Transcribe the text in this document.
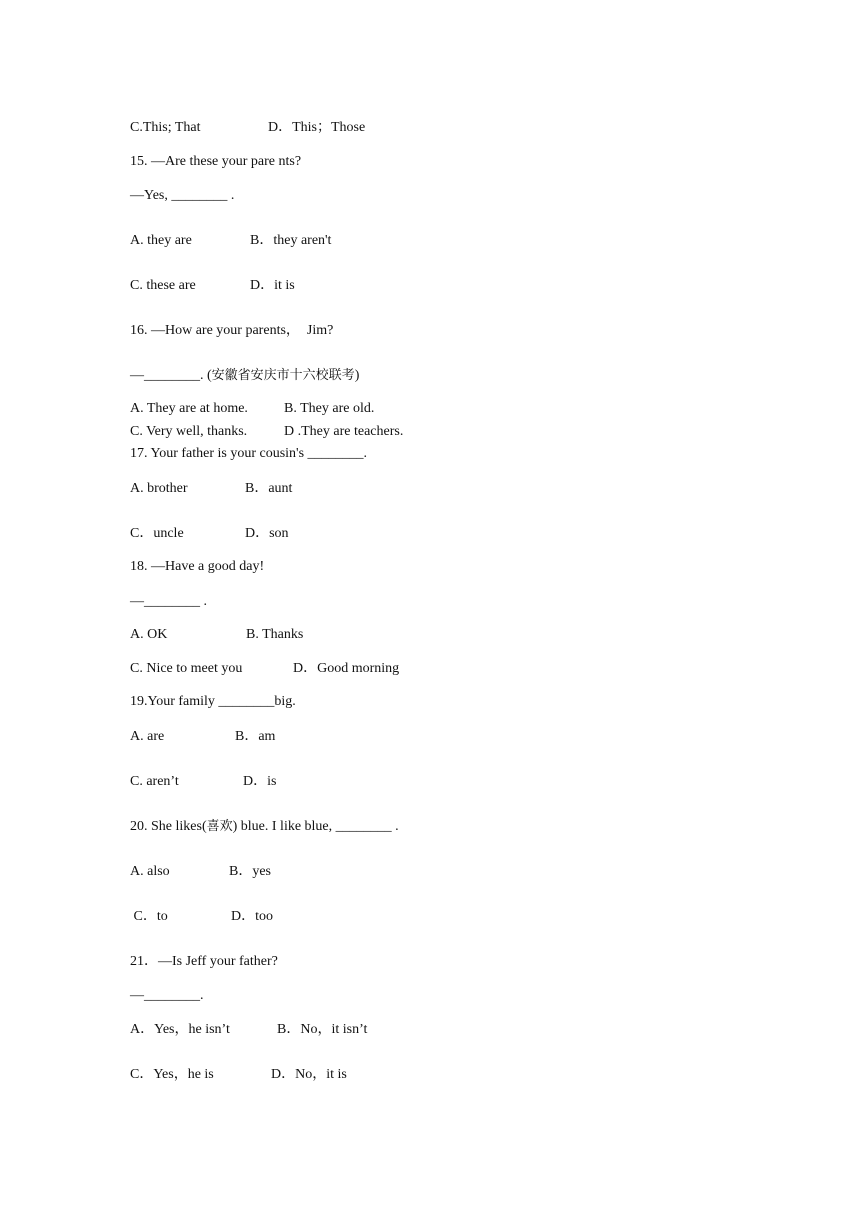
C.This; That	D．This；Those
15. —Are these your pare nts?
—Yes, ________ .
A. they are	B．they aren't
C. these are	D．it is
16. —How are your parents，  Jim?
—________. (安徽省安庆市十六校联考)
A. They are at home.	B. They are old.
C. Very well, thanks.	D .They are teachers.
17. Your father is your cousin's ________.
A. brother	B．aunt
C．uncle	D．son
18. —Have a good day!
—________ .
A. OK	B. Thanks
C. Nice to meet you	D．Good morning
19.Your family ________big.
A. are	B．am
C. aren’t	D．is
20. She likes(喜欢) blue. I like blue, ________ .
A. also	B．yes
C．to	D．too
21．—Is Jeff your father?
—________.
A．Yes，he isn’t	B．No，it isn’t
C．Yes，he is	D．No，it is
